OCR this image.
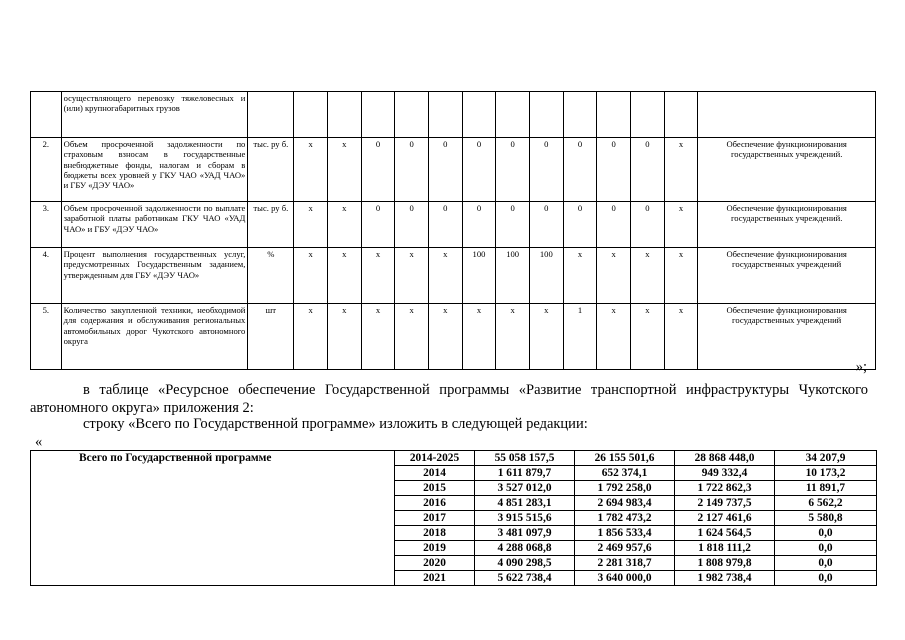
	осуществляющего перевозку тяжеловесных и (или) крупногабаритных грузов														
2.	Объем просроченной задолженности по страховым взносам в государственные внебюджетные фонды, налогам и сборам в бюджеты всех уровней у ГКУ ЧАО «УАД ЧАО» и ГБУ «ДЭУ ЧАО»	тыс. ру б.	х	х	0	0	0	0	0	0	0	0	0	х	Обеспечение функционирования государственных учреждений.
3.	Объем просроченной задолженности по выплате заработной платы работникам ГКУ ЧАО «УАД ЧАО» и ГБУ «ДЭУ ЧАО»	тыс. ру б.	х	х	0	0	0	0	0	0	0	0	0	х	Обеспечение функционирования государственных учреждений.
4.	Процент выполнения государственных услуг, предусмотренных Государственным заданием, утвержденным для ГБУ «ДЭУ ЧАО»	%	х	х	х	х	х	100	100	100	х	х	х	х	Обеспечение функционирования государственных учреждений
5.	Количество закупленной техники, необходимой для содержания и обслуживания региональных автомобильных дорог Чукотского автономного округа	шт	х	х	х	х	х	х	х	х	1	х	х	х	Обеспечение функционирования государственных учреждений
»;
в таблице «Ресурсное обеспечение Государственной программы «Развитие транспортной инфраструктуры Чукотского
автономного округа» приложения 2:
строку «Всего по Государственной программе» изложить в следующей редакции:
«
Всего по Государственной программе	2014-2025	55 058 157,5	26 155 501,6	28 868 448,0	34 207,9
	2014	1 611 879,7	652 374,1	949 332,4	10 173,2
	2015	3 527 012,0	1 792 258,0	1 722 862,3	11 891,7
	2016	4 851 283,1	2 694 983,4	2 149 737,5	6 562,2
	2017	3 915 515,6	1 782 473,2	2 127 461,6	5 580,8
	2018	3 481 097,9	1 856 533,4	1 624 564,5	0,0
	2019	4 288 068,8	2 469 957,6	1 818 111,2	0,0
	2020	4 090 298,5	2 281 318,7	1 808 979,8	0,0
	2021	5 622 738,4	3 640 000,0	1 982 738,4	0,0
